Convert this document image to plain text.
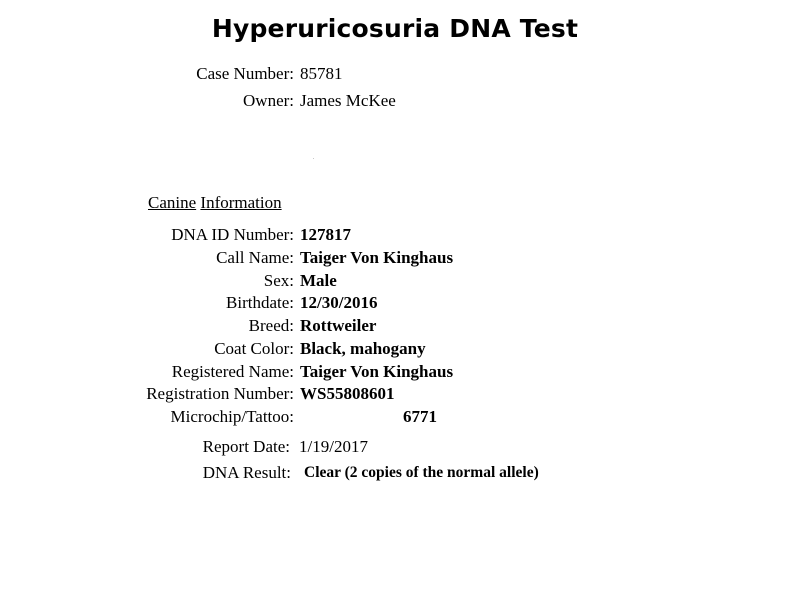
Hyperuricosuria DNA Test
Case Number: 85781
Owner: James McKee
Canine Information
DNA ID Number: 127817
Call Name: Taiger Von Kinghaus
Sex: Male
Birthdate: 12/30/2016
Breed: Rottweiler
Coat Color: Black, mahogany
Registered Name: Taiger Von Kinghaus
Registration Number: WS55808601
Microchip/Tattoo:	6771
Report Date: 1/19/2017
DNA Result: Clear (2 copies of the normal allele)
